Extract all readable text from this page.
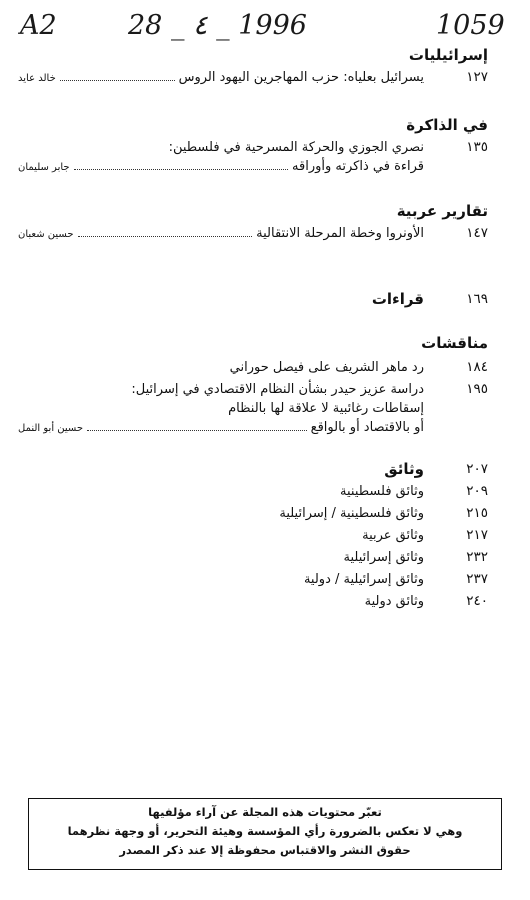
A2	28 _ ٤ _ 1996	1059
إسرائيليات
١٢٧
يسرائيل بعلياه: حزب المهاجرين اليهود الروس
خالد عايد
في الذاكرة
١٣٥
نصري الجوزي والحركة المسرحية في فلسطين:
قراءة في ذاكرته وأوراقه
جابر سليمان
تقارير عربية
١٤٧
الأونروا وخطة المرحلة الانتقالية
حسين شعبان
١٦٩
قراءات
مناقشات
١٨٤
رد ماهر الشريف على فيصل حوراني
١٩٥
دراسة عزيز حيدر بشأن النظام الاقتصادي في إسرائيل:
إسقاطات رغائبية لا علاقة لها بالنظام
أو بالاقتصاد أو بالواقع
حسين أبو النمل
٢٠٧
وثائق
٢٠٩
وثائق فلسطينية
٢١٥
وثائق فلسطينية / إسرائيلية
٢١٧
وثائق عربية
٢٣٢
وثائق إسرائيلية
٢٣٧
وثائق إسرائيلية / دولية
٢٤٠
وثائق دولية
تعبّر محتويات هذه المجلة عن آراء مؤلفيها
وهي لا تعكس بالضرورة رأي المؤسسة وهيئة التحرير، أو وجهة نظرهما
حقوق النشر والاقتباس محفوظة إلا عند ذكر المصدر
